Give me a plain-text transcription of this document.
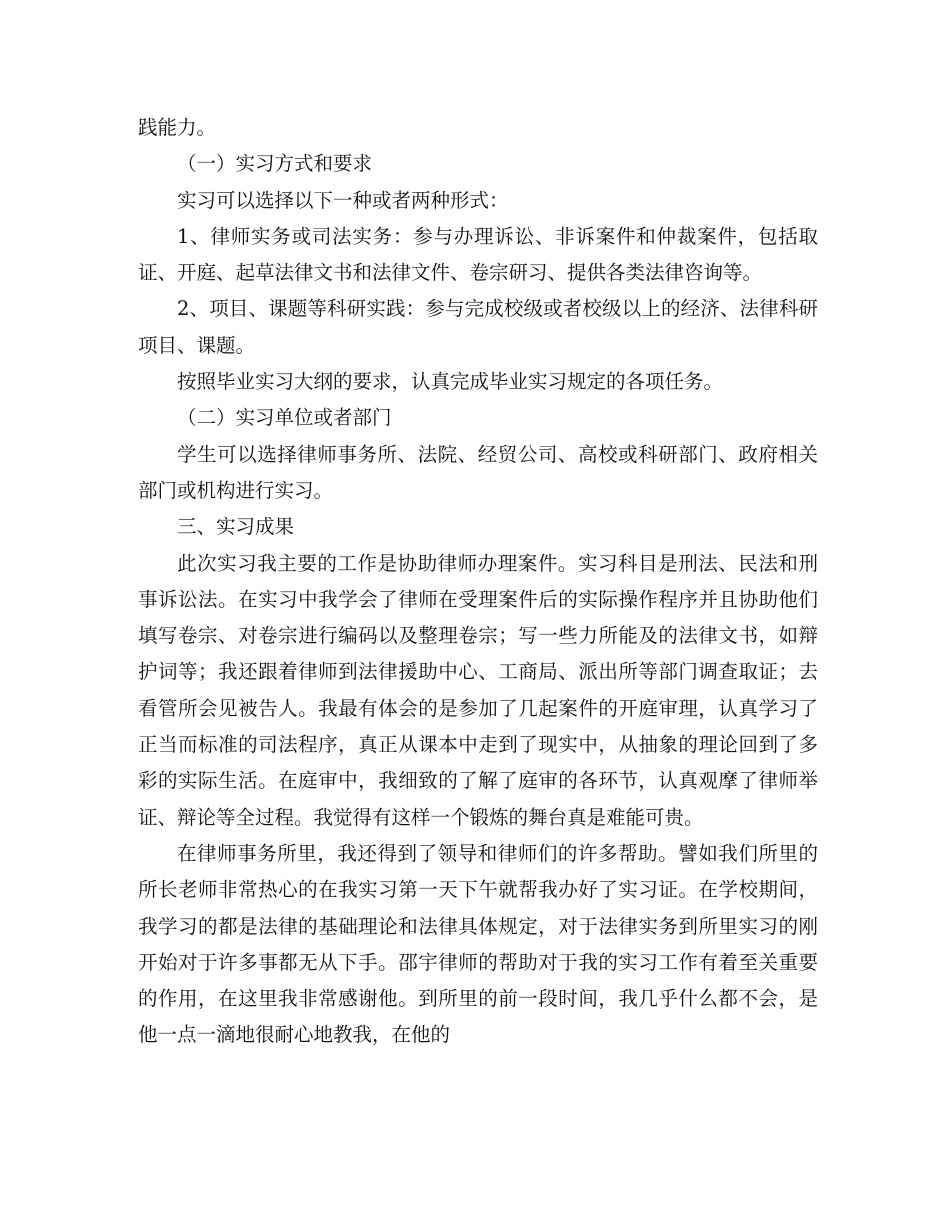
践能力。

（一）实习方式和要求

实习可以选择以下一种或者两种形式：

1、律师实务或司法实务：参与办理诉讼、非诉案件和仲裁案件，包括取证、开庭、起草法律文书和法律文件、卷宗研习、提供各类法律咨询等。

2、项目、课题等科研实践：参与完成校级或者校级以上的经济、法律科研项目、课题。

按照毕业实习大纲的要求，认真完成毕业实习规定的各项任务。

（二）实习单位或者部门

学生可以选择律师事务所、法院、经贸公司、高校或科研部门、政府相关部门或机构进行实习。

三、实习成果

此次实习我主要的工作是协助律师办理案件。实习科目是刑法、民法和刑事诉讼法。在实习中我学会了律师在受理案件后的实际操作程序并且协助他们填写卷宗、对卷宗进行编码以及整理卷宗；写一些力所能及的法律文书，如辩护词等；我还跟着律师到法律援助中心、工商局、派出所等部门调查取证；去看管所会见被告人。我最有体会的是参加了几起案件的开庭审理，认真学习了正当而标准的司法程序，真正从课本中走到了现实中，从抽象的理论回到了多彩的实际生活。在庭审中，我细致的了解了庭审的各环节，认真观摩了律师举证、辩论等全过程。我觉得有这样一个锻炼的舞台真是难能可贵。

在律师事务所里，我还得到了领导和律师们的许多帮助。譬如我们所里的所长老师非常热心的在我实习第一天下午就帮我办好了实习证。在学校期间，我学习的都是法律的基础理论和法律具体规定，对于法律实务到所里实习的刚开始对于许多事都无从下手。邵宇律师的帮助对于我的实习工作有着至关重要的作用，在这里我非常感谢他。到所里的前一段时间，我几乎什么都不会，是他一点一滴地很耐心地教我，在他的
